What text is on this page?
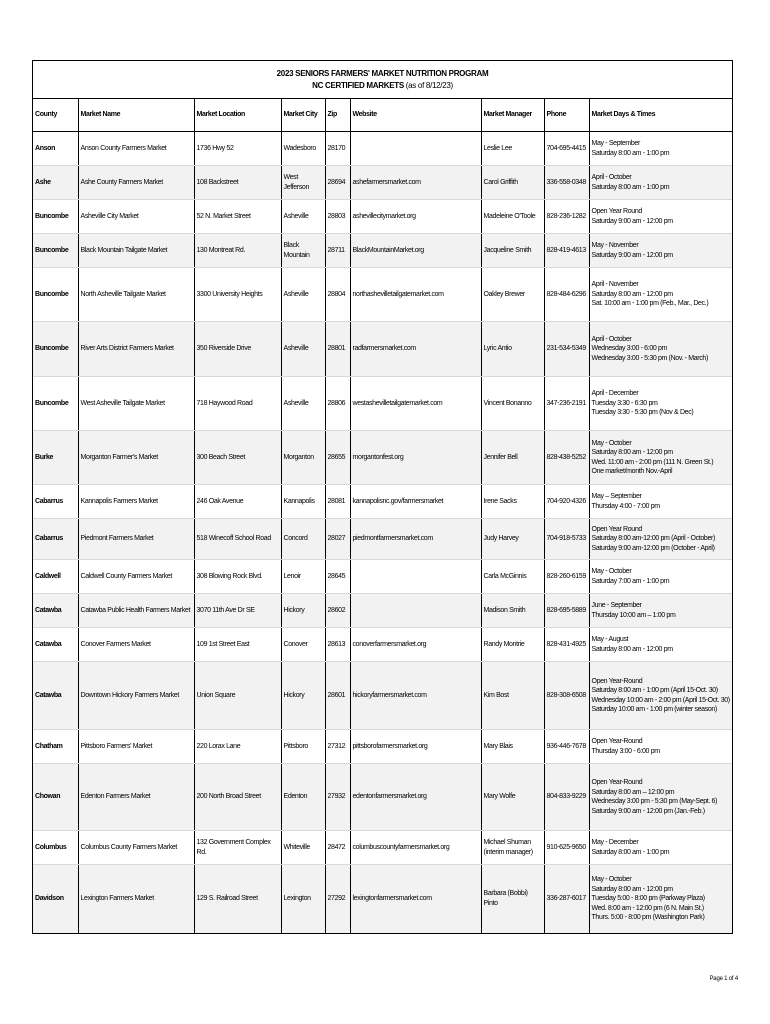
2023 SENIORS FARMERS' MARKET NUTRITION PROGRAM
NC CERTIFIED MARKETS (as of 8/12/23)
County	Market Name	Market Location	Market City	Zip	Website	Market Manager	Phone	Market Days & Times
Anson	Anson County Farmers Market	1736 Hwy 52	Wadesboro	28170		Leslie Lee	704-695-4415	May - September
Saturday 8:00 am - 1:00 pm

Ashe	Ashe County Farmers Market	108 Backstreet	West Jefferson	28694	ashefarmersmarket.com	Carol Griffith	336-558-0348	April - October
Saturday 8:00 am - 1:00 pm

Buncombe	Asheville City Market	52 N. Market Street	Asheville	28803	ashevillecitymarket.org	Madeleine O'Toole	828-236-1282	Open Year Round
Saturday 9:00 am - 12:00 pm

Buncombe	Black Mountain Tailgate Market	130 Montreat Rd.	Black Mountain	28711	BlackMountainMarket.org	Jacqueline Smith	828-419-4613	May - November
Saturday 9:00 am - 12:00 pm

Buncombe	North Asheville Tailgate Market	3300 University Heights	Asheville	28804	northashevilletailgatemarket.com	Oakley Brewer	828-484-6296	April - November
Saturday 8:00 am - 12:00 pm
Sat. 10:00 am - 1:00 pm (Feb., Mar., Dec.)

Buncombe	River Arts District Farmers Market	350 Riverside Drive	Asheville	28801	radfarmersmarket.com	Lyric Antio	231-534-5349	April - October
Wednesday 3:00 - 6:00 pm
Wednesday 3:00 - 5:30 pm (Nov. - March)

Buncombe	West Asheville Tailgate Market	718 Haywood Road	Asheville	28806	westashevilletailgatemarket.com	Vincent Bonanno	347-236-2191	April - December
Tuesday 3:30 - 6:30 pm
Tuesday 3:30 - 5:30 pm (Nov & Dec)

Burke	Morganton Farmer's Market	300 Beach Street	Morganton	28655	morgantonfest.org	Jennifer Bell	828-438-5252	May - October
Saturday 8:00 am - 12:00 pm
Wed. 11:00 am - 2:00 pm (111 N. Green St.)
One market/month Nov.-April

Cabarrus	Kannapolis Farmers Market	246 Oak Avenue	Kannapolis	28081	kannapolisnc.gov/farmersmarket	Irene Sacks	704-920-4326	May – September
Thursday 4:00 - 7:00 pm

Cabarrus	Piedmont Farmers Market	518 Winecoff School Road	Concord	28027	piedmontfarmersmarket.com	Judy Harvey	704-918-5733	Open Year Round
Saturday 8:00 am-12:00 pm (April - October)
Saturday 9:00 am-12:00 pm (October - April)

Caldwell	Caldwell County Farmers Market	308 Blowing Rock Blvd.	Lenoir	28645		Carla McGinnis	828-260-6159	May - October
Saturday 7:00 am - 1:00 pm

Catawba	Catawba Public Health Farmers Market	3070 11th Ave Dr SE	Hickory	28602		Madison Smith	828-695-5889	June - September
Thursday 10:00 am – 1:00 pm

Catawba	Conover Farmers Market	109 1st Street East	Conover	28613	conoverfarmersmarket.org	Randy Montrie	828-431-4925	May - August
Saturday 8:00 am - 12:00 pm

Catawba	Downtown Hickory Farmers Market	Union Square	Hickory	28601	hickoryfarmersmarket.com	Kim Bost	828-308-6508	Open Year-Round
Saturday 8:00 am - 1:00 pm (April 15-Oct. 30)
Wednesday 10:00 am - 2:00 pm (April 15-Oct. 30)
Saturday 10:00 am - 1:00 pm (winter season)

Chatham	Pittsboro Farmers' Market	220 Lorax Lane	Pittsboro	27312	pittsborofarmersmarket.org	Mary Blais	936-446-7678	Open Year-Round
Thursday 3:00 - 6:00 pm

Chowan	Edenton Farmers Market	200 North Broad Street	Edenton	27932	edentonfarmersmarket.org	Mary Wolfe	804-833-9229	Open Year-Round
Saturday 8:00 am – 12:00 pm
Wednesday 3:00 pm - 5:30 pm (May-Sept. 6)
Saturday 9:00 am - 12:00 pm (Jan.-Feb.)

Columbus	Columbus County Farmers Market	132 Government Complex Rd.	Whiteville	28472	columbuscountyfarmersmarket.org	Michael Shuman (interim manager)	910-625-9650	May - December
Saturday 8:00 am - 1:00 pm

Davidson	Lexington Farmers Market	129 S. Railroad Street	Lexington	27292	lexingtonfarmersmarket.com	Barbara (Bobbi) Pinto	336-287-6017	May - October
Saturday 8:00 am - 12:00 pm
Tuesday 5:00 - 8:00 pm (Parkway Plaza)
Wed. 8:00 am - 12:00 pm (6 N. Main St.)
Thurs. 5:00 - 8:00 pm (Washington Park)
Page 1 of 4
